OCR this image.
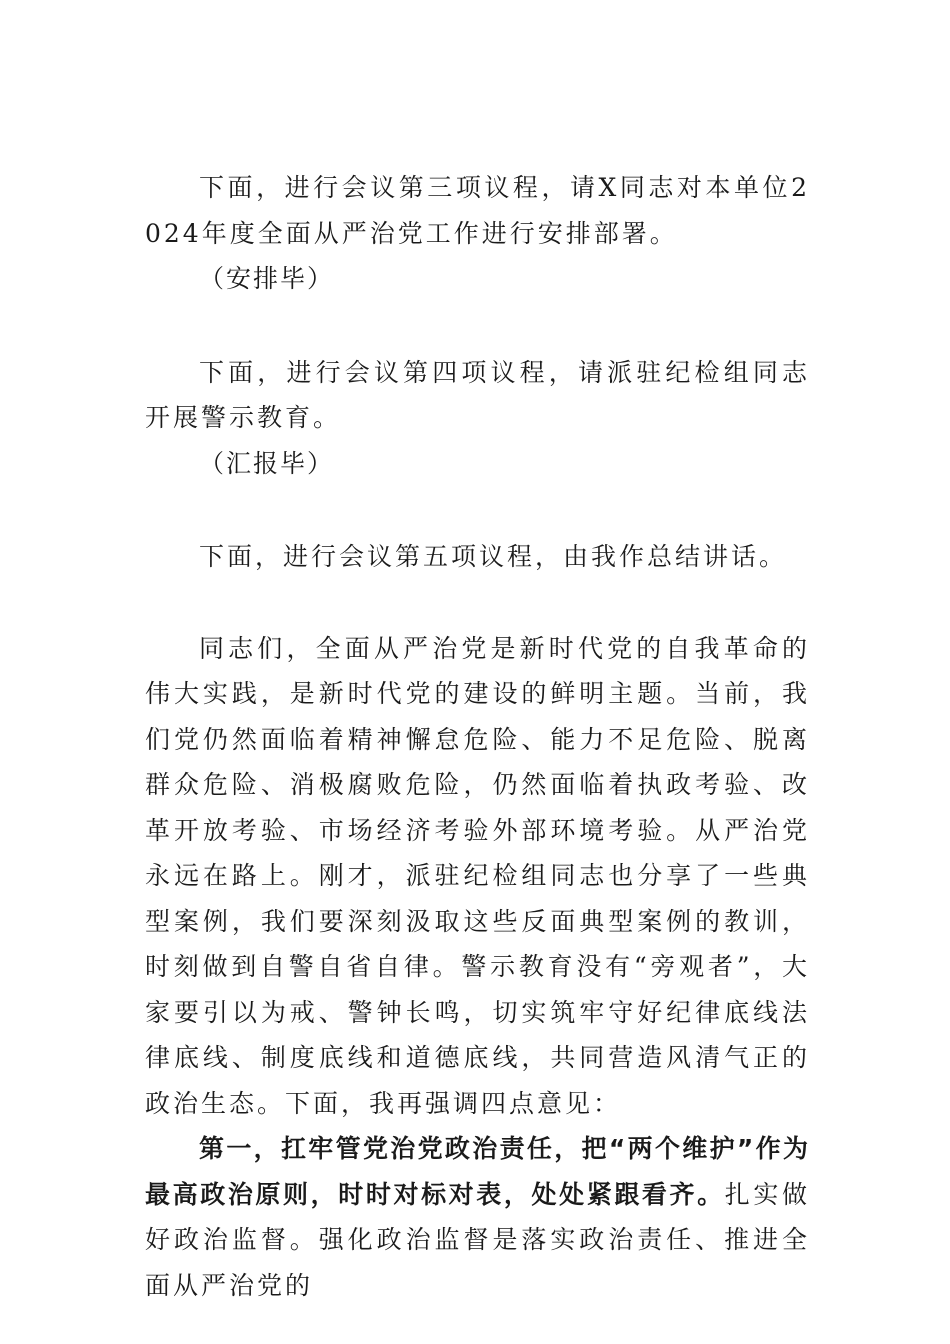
下面，进行会议第三项议程，请X同志对本单位2024年度全面从严治党工作进行安排部署。

（安排毕）

下面，进行会议第四项议程，请派驻纪检组同志开展警示教育。

（汇报毕）

下面，进行会议第五项议程，由我作总结讲话。

同志们，全面从严治党是新时代党的自我革命的伟大实践，是新时代党的建设的鲜明主题。当前，我们党仍然面临着精神懈怠危险、能力不足危险、脱离群众危险、消极腐败危险，仍然面临着执政考验、改革开放考验、市场经济考验外部环境考验。从严治党永远在路上。刚才，派驻纪检组同志也分享了一些典型案例，我们要深刻汲取这些反面典型案例的教训，时刻做到自警自省自律。警示教育没有“旁观者”，大家要引以为戒、警钟长鸣，切实筑牢守好纪律底线法律底线、制度底线和道德底线，共同营造风清气正的政治生态。下面，我再强调四点意见：

第一，扛牢管党治党政治责任，把“两个维护”作为最高政治原则，时时对标对表，处处紧跟看齐。扎实做好政治监督。强化政治监督是落实政治责任、推进全面从严治党的
